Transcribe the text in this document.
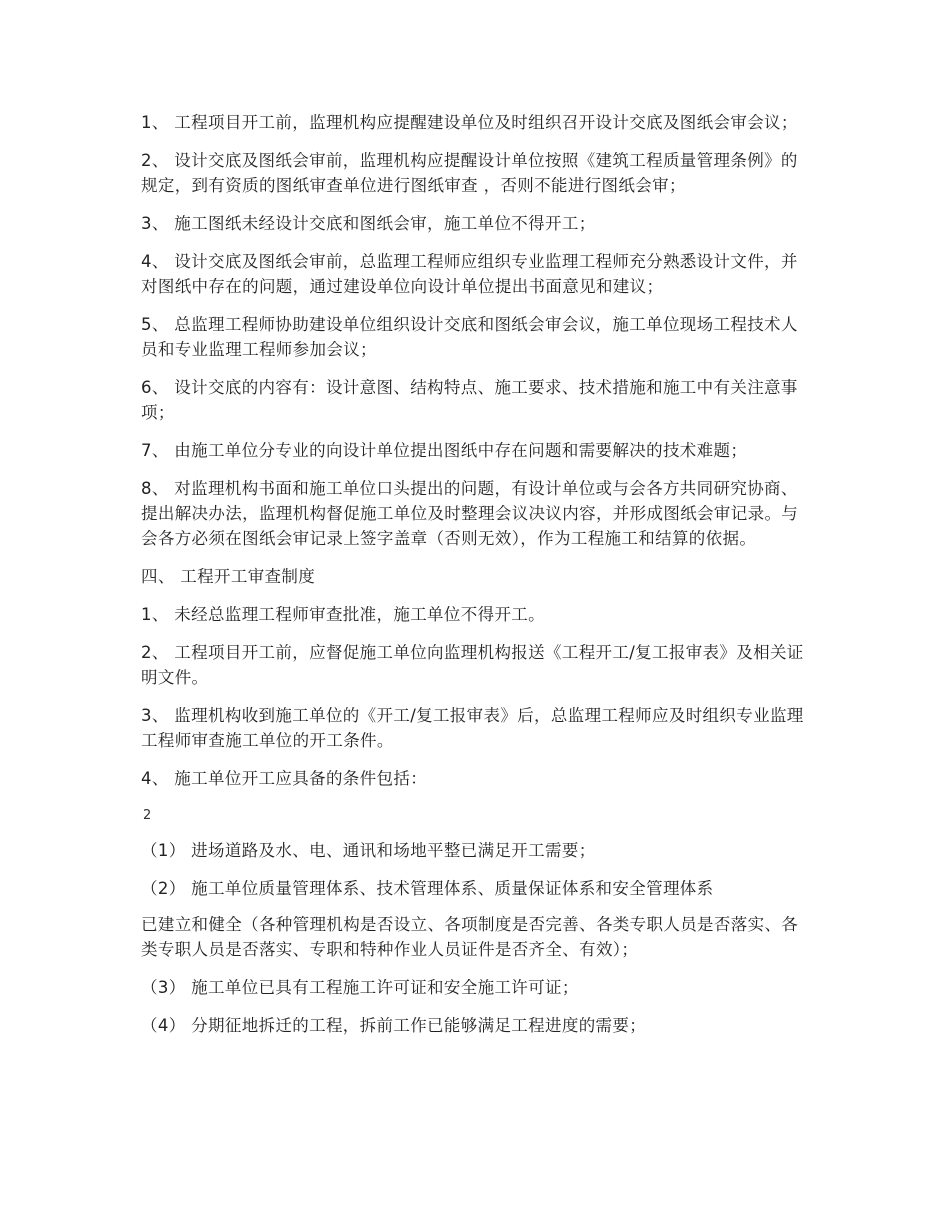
1、 工程项目开工前，监理机构应提醒建设单位及时组织召开设计交底及图纸会审会议；

2、 设计交底及图纸会审前，监理机构应提醒设计单位按照《建筑工程质量管理条例》的规定，到有资质的图纸审查单位进行图纸审查 ，否则不能进行图纸会审；

3、 施工图纸未经设计交底和图纸会审，施工单位不得开工；

4、 设计交底及图纸会审前，总监理工程师应组织专业监理工程师充分熟悉设计文件，并对图纸中存在的问题，通过建设单位向设计单位提出书面意见和建议；

5、 总监理工程师协助建设单位组织设计交底和图纸会审会议，施工单位现场工程技术人员和专业监理工程师参加会议；

6、 设计交底的内容有：设计意图、结构特点、施工要求、技术措施和施工中有关注意事项；

7、 由施工单位分专业的向设计单位提出图纸中存在问题和需要解决的技术难题；

8、 对监理机构书面和施工单位口头提出的问题，有设计单位或与会各方共同研究协商、提出解决办法，监理机构督促施工单位及时整理会议决议内容，并形成图纸会审记录。与会各方必须在图纸会审记录上签字盖章（否则无效），作为工程施工和结算的依据。

四、 工程开工审查制度

1、 未经总监理工程师审查批准，施工单位不得开工。

2、 工程项目开工前，应督促施工单位向监理机构报送《工程开工/复工报审表》及相关证明文件。

3、 监理机构收到施工单位的《开工/复工报审表》后，总监理工程师应及时组织专业监理工程师审查施工单位的开工条件。

4、 施工单位开工应具备的条件包括：

2

（1） 进场道路及水、电、通讯和场地平整已满足开工需要；

（2） 施工单位质量管理体系、技术管理体系、质量保证体系和安全管理体系

已建立和健全（各种管理机构是否设立、各项制度是否完善、各类专职人员是否落实、各类专职人员是否落实、专职和特种作业人员证件是否齐全、有效）；

（3） 施工单位已具有工程施工许可证和安全施工许可证；

（4） 分期征地拆迁的工程，拆前工作已能够满足工程进度的需要；
